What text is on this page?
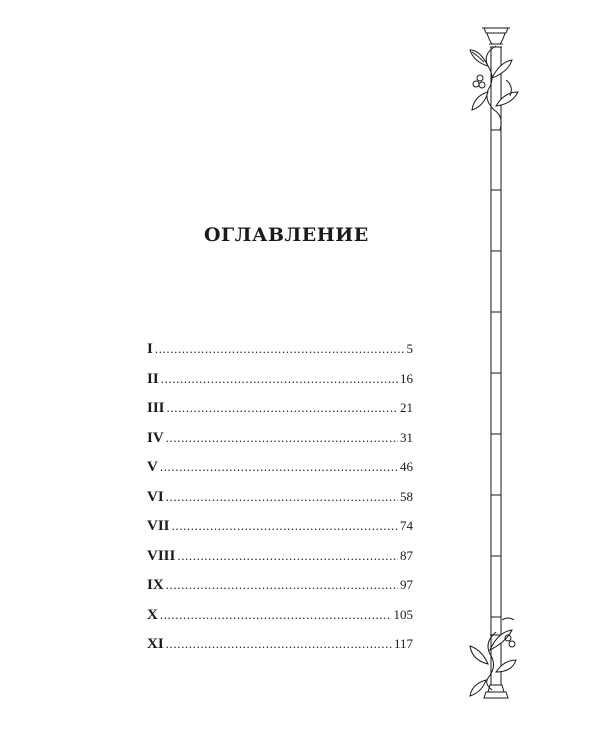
ОГЛАВЛЕНИЕ
I .....	5
II .....	16
III .....	21
IV .....	31
V .....	46
VI .....	58
VII .....	74
VIII .....	87
IX .....	97
X .....	105
XI .....	117
